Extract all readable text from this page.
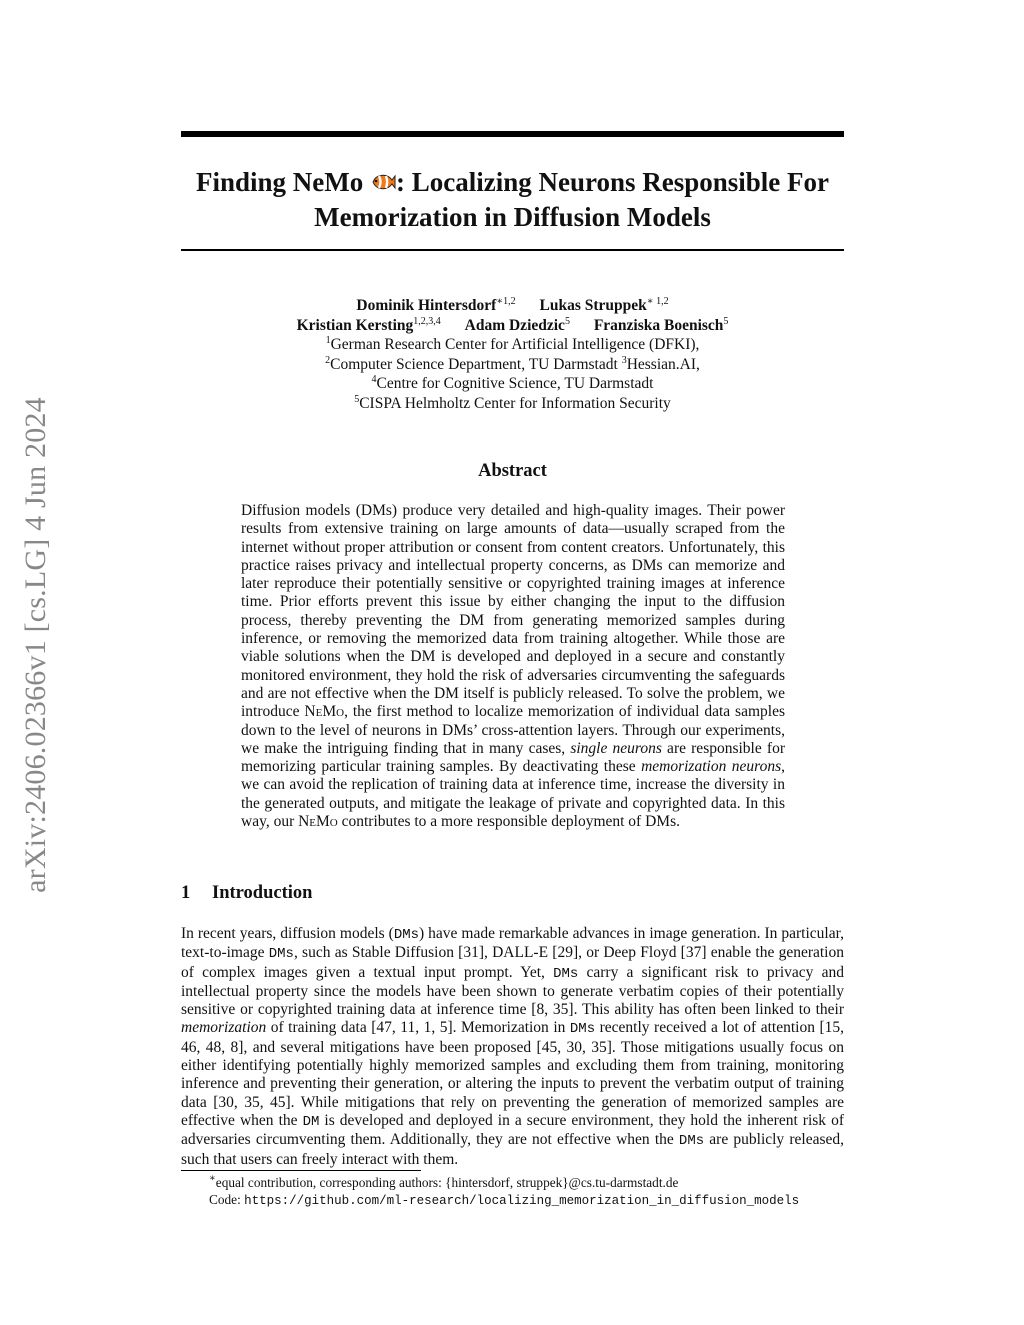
arXiv:2406.02366v1 [cs.LG] 4 Jun 2024
Finding NeMo : Localizing Neurons Responsible For
Memorization in Diffusion Models
Dominik Hintersdorf$^{∗1,2}$ Lukas Struppek$^{∗ 1,2}$
Kristian Kersting$^{1,2,3,4}$ Adam Dziedzic$^5$ Franziska Boenisch$^5$
$^1$German Research Center for Artificial Intelligence (DFKI),
$^2$Computer Science Department, TU Darmstadt $^3$Hessian.AI,
$^4$Centre for Cognitive Science, TU Darmstadt
$^5$CISPA Helmholtz Center for Information Security
Abstract
Diffusion models (DMs) produce very detailed and high-quality images. Their power results from extensive training on large amounts of data—usually scraped from the internet without proper attribution or consent from content creators. Unfortunately, this practice raises privacy and intellectual property concerns, as DMs can memorize and later reproduce their potentially sensitive or copyrighted training images at inference time. Prior efforts prevent this issue by either changing the input to the diffusion process, thereby preventing the DM from generating memorized samples during inference, or removing the memorized data from training altogether. While those are viable solutions when the DM is developed and deployed in a secure and constantly monitored environment, they hold the risk of adversaries circumventing the safeguards and are not effective when the DM itself is publicly released. To solve the problem, we introduce NeMo, the first method to localize memorization of individual data samples down to the level of neurons in DMs’ cross-attention layers. Through our experiments, we make the intriguing finding that in many cases, single neurons are responsible for memorizing particular training samples. By deactivating these memorization neurons, we can avoid the replication of training data at inference time, increase the diversity in the generated outputs, and mitigate the leakage of private and copyrighted data. In this way, our NeMo contributes to a more responsible deployment of DMs.
1 Introduction
In recent years, diffusion models (DMs) have made remarkable advances in image generation. In particular, text-to-image DMs, such as Stable Diffusion [31], DALL-E [29], or Deep Floyd [37] enable the generation of complex images given a textual input prompt. Yet, DMs carry a significant risk to privacy and intellectual property since the models have been shown to generate verbatim copies of their potentially sensitive or copyrighted training data at inference time [8, 35]. This ability has often been linked to their memorization of training data [47, 11, 1, 5]. Memorization in DMs recently received a lot of attention [15, 46, 48, 8], and several mitigations have been proposed [45, 30, 35]. Those mitigations usually focus on either identifying potentially highly memorized samples and excluding them from training, monitoring inference and preventing their generation, or altering the inputs to prevent the verbatim output of training data [30, 35, 45]. While mitigations that rely on preventing the generation of memorized samples are effective when the DM is developed and deployed in a secure environment, they hold the inherent risk of adversaries circumventing them. Additionally, they are not effective when the DMs are publicly released, such that users can freely interact with them.
∗equal contribution, corresponding authors: {hintersdorf, struppek}@cs.tu-darmstadt.de
Code: https://github.com/ml-research/localizing_memorization_in_diffusion_models
